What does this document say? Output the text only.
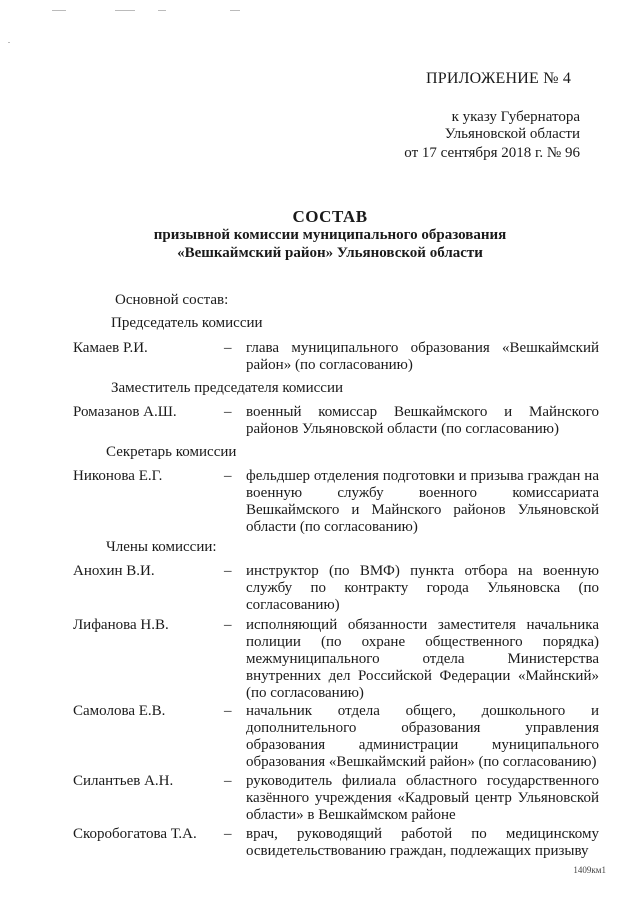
ПРИЛОЖЕНИЕ № 4
к указу Губернатора
Ульяновской области
от 17 сентября 2018 г. № 96
СОСТАВ
призывной комиссии муниципального образования
«Вешкаймский район» Ульяновской области
Основной состав:
Председатель комиссии
Камаев Р.И.	– глава муниципального образования «Вешкаймский район» (по согласованию)
Заместитель председателя комиссии
Ромазанов А.Ш.	– военный комиссар Вешкаймского и Майнского районов Ульяновской области (по согласованию)
Секретарь комиссии
Никонова Е.Г.	– фельдшер отделения подготовки и призыва граждан на военную службу военного комиссариата Вешкаймского и Майнского районов Ульяновской области (по согласованию)
Члены комиссии:
Анохин В.И.	– инструктор (по ВМФ) пункта отбора на военную службу по контракту города Ульяновска (по согласованию)
Лифанова Н.В.	– исполняющий обязанности заместителя начальника полиции (по охране общественного порядка) межмуниципального отдела Министерства внутренних дел Российской Федерации «Майнский» (по согласованию)
Самолова Е.В.	– начальник отдела общего, дошкольного и дополнительного образования управления образования администрации муниципального образования «Вешкаймский район» (по согласованию)
Силантьев А.Н.	– руководитель филиала областного государственного казённого учреждения «Кадровый центр Ульяновской области» в Вешкаймском районе
Скоробогатова Т.А. – врач, руководящий работой по медицинскому освидетельствованию граждан, подлежащих призыву
1409км1
